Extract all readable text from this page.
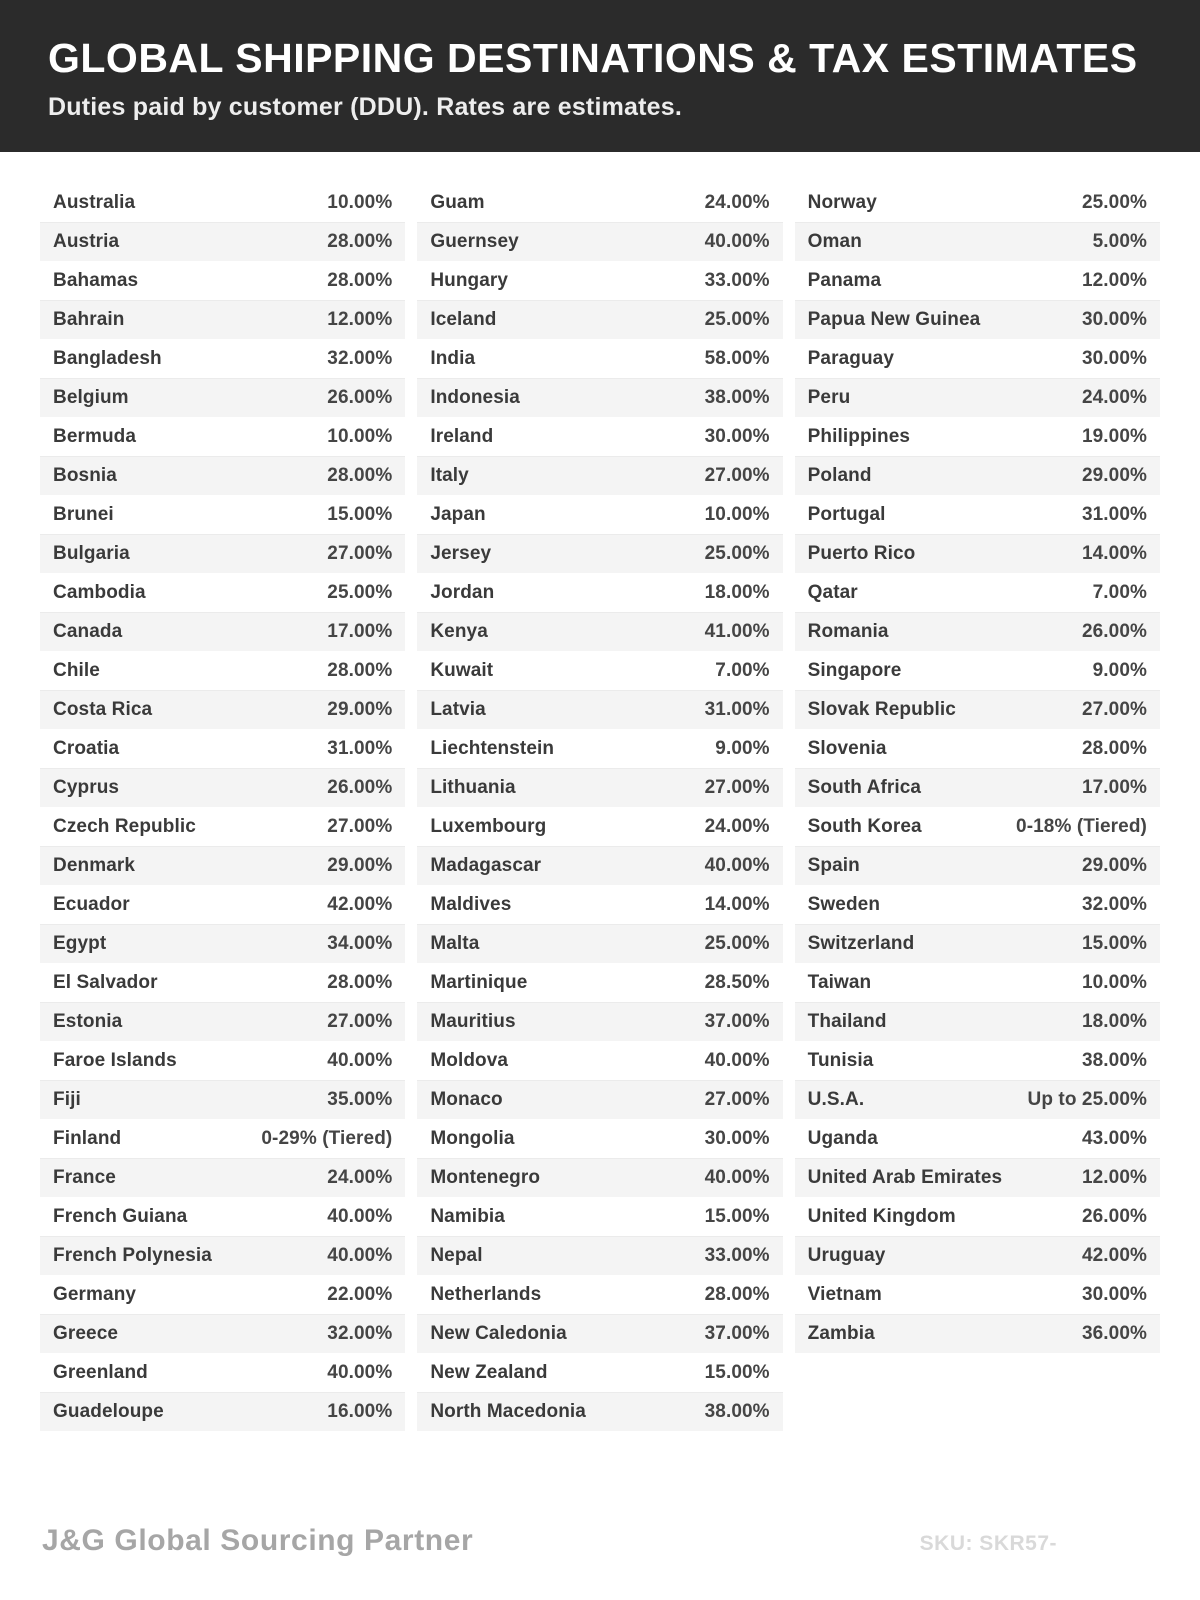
GLOBAL SHIPPING DESTINATIONS & TAX ESTIMATES
Duties paid by customer (DDU). Rates are estimates.
Australia	10.00%
Austria	28.00%
Bahamas	28.00%
Bahrain	12.00%
Bangladesh	32.00%
Belgium	26.00%
Bermuda	10.00%
Bosnia	28.00%
Brunei	15.00%
Bulgaria	27.00%
Cambodia	25.00%
Canada	17.00%
Chile	28.00%
Costa Rica	29.00%
Croatia	31.00%
Cyprus	26.00%
Czech Republic	27.00%
Denmark	29.00%
Ecuador	42.00%
Egypt	34.00%
El Salvador	28.00%
Estonia	27.00%
Faroe Islands	40.00%
Fiji	35.00%
Finland	0-29% (Tiered)
France	24.00%
French Guiana	40.00%
French Polynesia	40.00%
Germany	22.00%
Greece	32.00%
Greenland	40.00%
Guadeloupe	16.00%
Guam	24.00%
Guernsey	40.00%
Hungary	33.00%
Iceland	25.00%
India	58.00%
Indonesia	38.00%
Ireland	30.00%
Italy	27.00%
Japan	10.00%
Jersey	25.00%
Jordan	18.00%
Kenya	41.00%
Kuwait	7.00%
Latvia	31.00%
Liechtenstein	9.00%
Lithuania	27.00%
Luxembourg	24.00%
Madagascar	40.00%
Maldives	14.00%
Malta	25.00%
Martinique	28.50%
Mauritius	37.00%
Moldova	40.00%
Monaco	27.00%
Mongolia	30.00%
Montenegro	40.00%
Namibia	15.00%
Nepal	33.00%
Netherlands	28.00%
New Caledonia	37.00%
New Zealand	15.00%
North Macedonia	38.00%
Norway	25.00%
Oman	5.00%
Panama	12.00%
Papua New Guinea	30.00%
Paraguay	30.00%
Peru	24.00%
Philippines	19.00%
Poland	29.00%
Portugal	31.00%
Puerto Rico	14.00%
Qatar	7.00%
Romania	26.00%
Singapore	9.00%
Slovak Republic	27.00%
Slovenia	28.00%
South Africa	17.00%
South Korea	0-18% (Tiered)
Spain	29.00%
Sweden	32.00%
Switzerland	15.00%
Taiwan	10.00%
Thailand	18.00%
Tunisia	38.00%
U.S.A.	Up to 25.00%
Uganda	43.00%
United Arab Emirates	12.00%
United Kingdom	26.00%
Uruguay	42.00%
Vietnam	30.00%
Zambia	36.00%
J&G Global Sourcing Partner	SKU: SKR57-
